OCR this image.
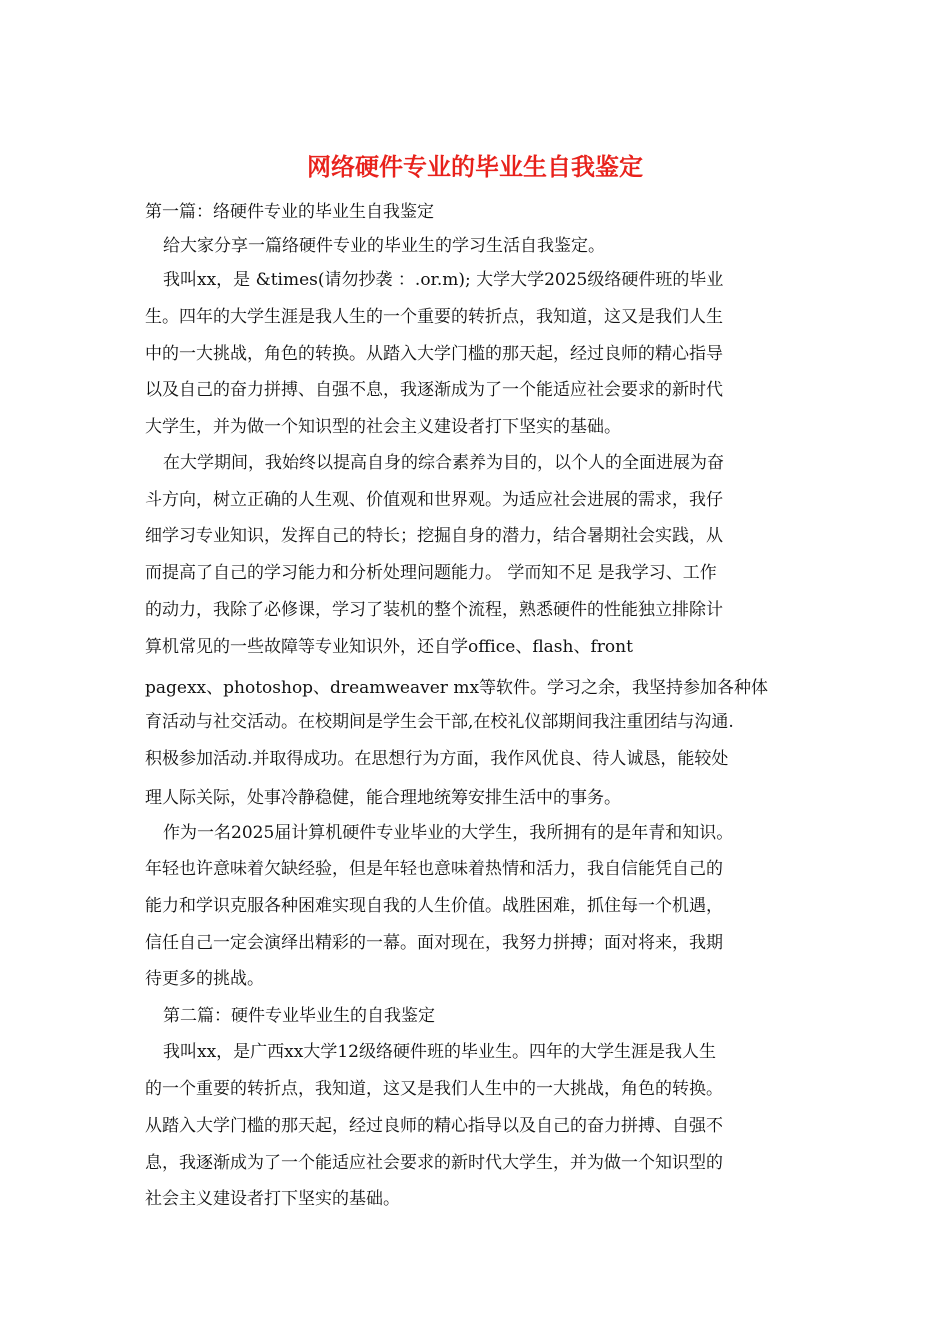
网络硬件专业的毕业生自我鉴定

第一篇：络硬件专业的毕业生自我鉴定

给大家分享一篇络硬件专业的毕业生的学习生活自我鉴定。

我叫xx，是 &times(请勿抄袭 ：.or.m); 大学大学2025级络硬件班的毕业

生。四年的大学生涯是我人生的一个重要的转折点，我知道，这又是我们人生

中的一大挑战，角色的转换。从踏入大学门槛的那天起，经过良师的精心指导

以及自己的奋力拼搏、自强不息，我逐渐成为了一个能适应社会要求的新时代

大学生，并为做一个知识型的社会主义建设者打下坚实的基础。

在大学期间，我始终以提高自身的综合素养为目的，以个人的全面进展为奋

斗方向，树立正确的人生观、价值观和世界观。为适应社会进展的需求，我仔

细学习专业知识，发挥自己的特长；挖掘自身的潜力，结合暑期社会实践，从

而提高了自己的学习能力和分析处理问题能力。 学而知不足 是我学习、工作

的动力，我除了必修课，学习了装机的整个流程，熟悉硬件的性能独立排除计

算机常见的一些故障等专业知识外，还自学office、flash、front

pagexx、photoshop、dreamweaver mx等软件。学习之余，我坚持参加各种体

育活动与社交活动。在校期间是学生会干部,在校礼仪部期间我注重团结与沟通.

积极参加活动.并取得成功。在思想行为方面，我作风优良、待人诚恳，能较处

理人际关际，处事冷静稳健，能合理地统筹安排生活中的事务。

作为一名2025届计算机硬件专业毕业的大学生，我所拥有的是年青和知识。

年轻也许意味着欠缺经验，但是年轻也意味着热情和活力，我自信能凭自己的

能力和学识克服各种困难实现自我的人生价值。战胜困难，抓住每一个机遇，

信任自己一定会演绎出精彩的一幕。面对现在，我努力拼搏；面对将来，我期

待更多的挑战。

第二篇：硬件专业毕业生的自我鉴定

我叫xx，是广西xx大学12级络硬件班的毕业生。四年的大学生涯是我人生

的一个重要的转折点，我知道，这又是我们人生中的一大挑战，角色的转换。

从踏入大学门槛的那天起，经过良师的精心指导以及自己的奋力拼搏、自强不

息，我逐渐成为了一个能适应社会要求的新时代大学生，并为做一个知识型的

社会主义建设者打下坚实的基础。
